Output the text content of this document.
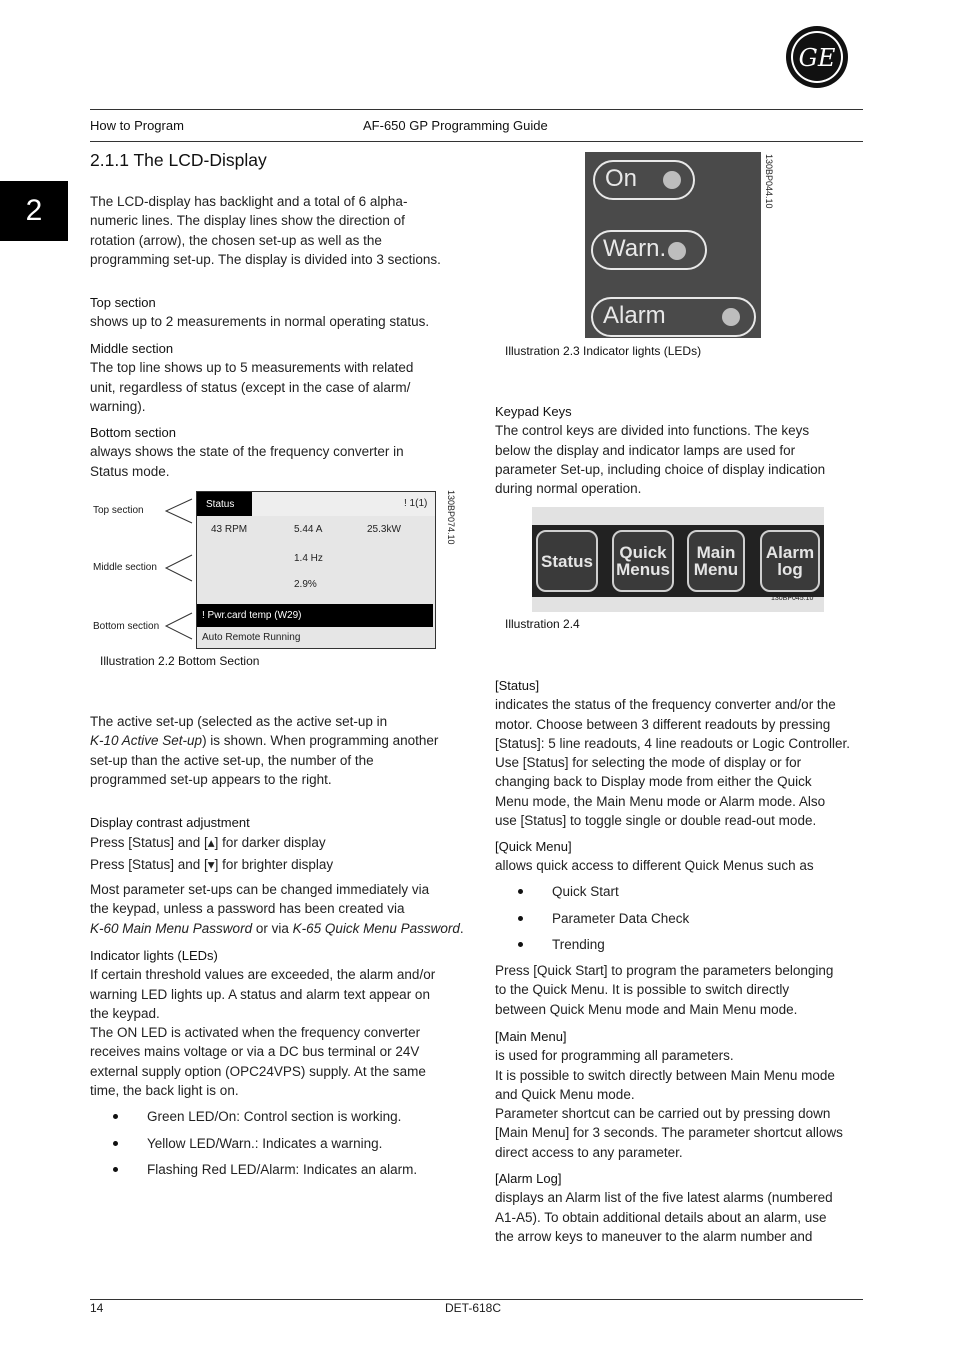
GE
How to Program	AF-650 GP Programming Guide
2
2.1.1 The LCD-Display

The LCD-display has backlight and a total of 6 alpha-

numeric lines. The display lines show the direction of

rotation (arrow), the chosen set-up as well as the

programming set-up. The display is divided into 3 sections.

Top section

shows up to 2 measurements in normal operating status.

Middle section

The top line shows up to 5 measurements with related

unit, regardless of status (except in the case of alarm/

warning).

Bottom section

always shows the state of the frequency converter in

Status mode.

Top section
Middle section
Bottom section
Status	! 1(1)
43 RPM	5.44 A	25.3kW
1.4 Hz
2.9%
! Pwr.card temp (W29)
Auto Remote Running
130BP074.10
Illustration 2.2 Bottom Section

The active set-up (selected as the active set-up in

K-10 Active Set-up) is shown. When programming another

set-up than the active set-up, the number of the

programmed set-up appears to the right.

Display contrast adjustment

Press [Status] and [▴] for darker display

Press [Status] and [▾] for brighter display

Most parameter set-ups can be changed immediately via

the keypad, unless a password has been created via

K-60 Main Menu Password or via K-65 Quick Menu Password.

Indicator lights (LEDs)

If certain threshold values are exceeded, the alarm and/or

warning LED lights up. A status and alarm text appear on

the keypad.

The ON LED is activated when the frequency converter

receives mains voltage or via a DC bus terminal or 24V

external supply option (OPC24VPS) supply. At the same

time, the back light is on.

Green LED/On: Control section is working.
Yellow LED/Warn.: Indicates a warning.
Flashing Red LED/Alarm: Indicates an alarm.
On
Warn.
Alarm
130BP044.10
Illustration 2.3 Indicator lights (LEDs)

Keypad Keys

The control keys are divided into functions. The keys

below the display and indicator lamps are used for

parameter Set-up, including choice of display indication

during normal operation.

Status Quick
Menus
Main
Menu
Alarm
log
130BP045.10
Illustration 2.4

[Status]

indicates the status of the frequency converter and/or the

motor. Choose between 3 different readouts by pressing

[Status]: 5 line readouts, 4 line readouts or Logic Controller.

Use [Status] for selecting the mode of display or for

changing back to Display mode from either the Quick

Menu mode, the Main Menu mode or Alarm mode. Also

use [Status] to toggle single or double read-out mode.

[Quick Menu]

allows quick access to different Quick Menus such as

Quick Start
Parameter Data Check
Trending

Press [Quick Start] to program the parameters belonging

to the Quick Menu. It is possible to switch directly

between Quick Menu mode and Main Menu mode.

[Main Menu]

is used for programming all parameters.

It is possible to switch directly between Main Menu mode

and Quick Menu mode.

Parameter shortcut can be carried out by pressing down

[Main Menu] for 3 seconds. The parameter shortcut allows

direct access to any parameter.

[Alarm Log]

displays an Alarm list of the five latest alarms (numbered

A1-A5). To obtain additional details about an alarm, use

the arrow keys to maneuver to the alarm number and

14	DET-618C
